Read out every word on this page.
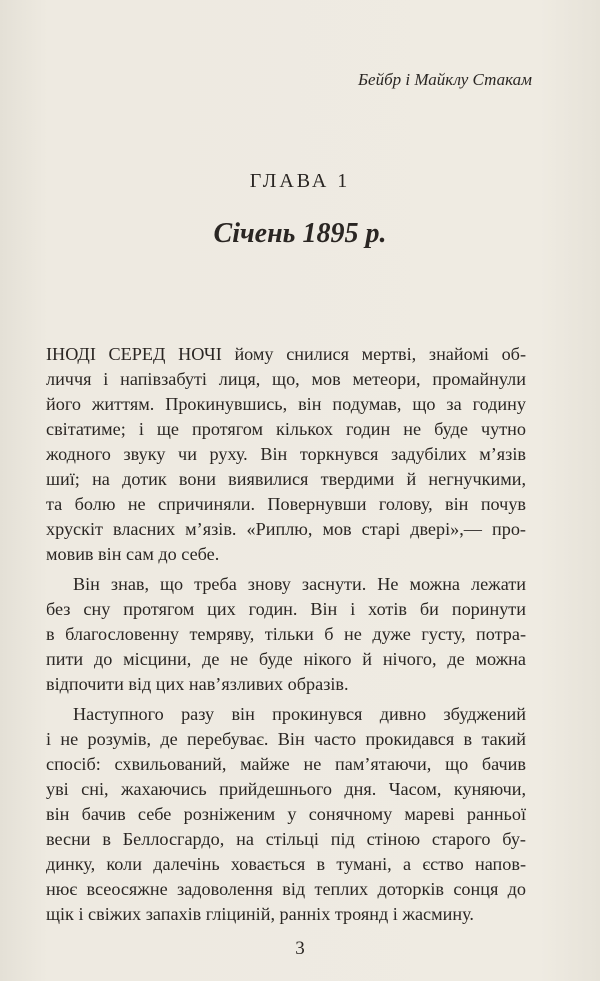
Бейбр і Майклу Стакам
ГЛАВА 1
Січень 1895 р.
ІНОДІ СЕРЕД НОЧІ йому снилися мертві, знайомі об-
личчя і напівзабуті лиця, що, мов метеори, промайнули
його життям. Прокинувшись, він подумав, що за годину
світатиме; і ще протягом кількох годин не буде чутно
жодного звуку чи руху. Він торкнувся задубілих м’язів
шиї; на дотик вони виявилися твердими й негнучкими,
та болю не спричиняли. Повернувши голову, він почув
хрускіт власних м’язів. «Риплю, мов старі двері»,— про-
мовив він сам до себе.
Він знав, що треба знову заснути. Не можна лежати
без сну протягом цих годин. Він і хотів би поринути
в благословенну темряву, тільки б не дуже густу, потра-
пити до місцини, де не буде нікого й нічого, де можна
відпочити від цих нав’язливих образів.
Наступного разу він прокинувся дивно збуджений
і не розумів, де перебуває. Він часто прокидався в такий
спосіб: схвильований, майже не пам’ятаючи, що бачив
уві сні, жахаючись прийдешнього дня. Часом, куняючи,
він бачив себе розніженим у сонячному мареві ранньої
весни в Беллосгардо, на стільці під стіною старого бу-
динку, коли далечінь ховається в тумані, а єство напов-
нює всеосяжне задоволення від теплих доторків сонця до
щік і свіжих запахів гліциній, ранніх троянд і жасмину.
3
